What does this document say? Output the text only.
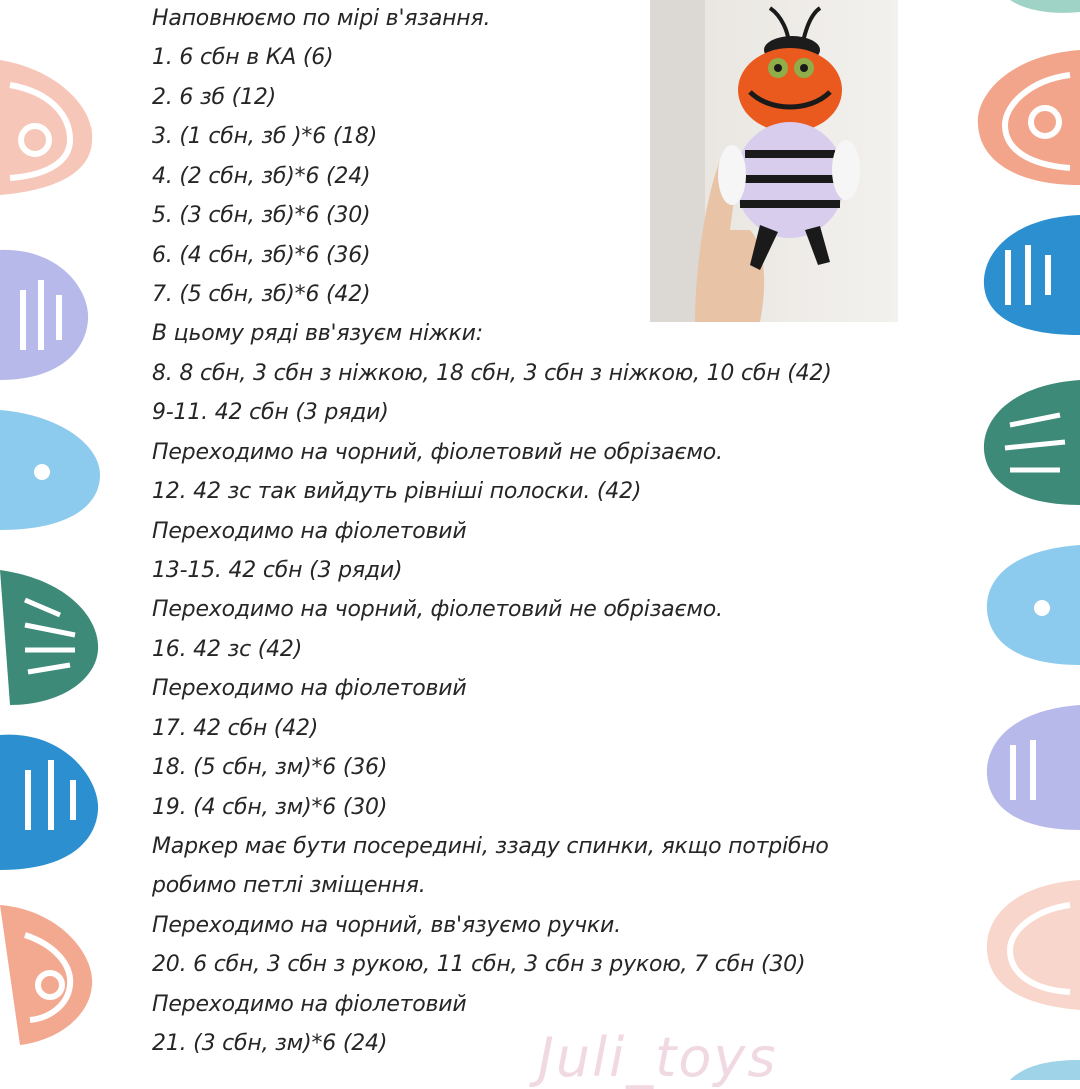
Наповнюємо по мірі в'язання.
1. 6 сбн в КА (6)
2. 6 зб (12)
3. (1 сбн, зб )*6 (18)
4. (2 сбн, зб)*6 (24)
5. (3 сбн, зб)*6 (30)
6. (4 сбн, зб)*6 (36)
7. (5 сбн, зб)*6 (42)
В цьому ряді вв'язуєм ніжки:
8. 8 сбн, 3 сбн з ніжкою, 18 сбн, 3 сбн з ніжкою, 10 сбн (42)
9-11. 42 сбн (3 ряди)
Переходимо на чорний, фіолетовий не обрізаємо.
12. 42 зс так вийдуть рівніші полоски. (42)
Переходимо на фіолетовий
13-15. 42 сбн (3 ряди)
Переходимо на чорний, фіолетовий не обрізаємо.
16. 42 зс (42)
Переходимо на фіолетовий
17. 42 сбн (42)
18. (5 сбн, зм)*6 (36)
19. (4 сбн, зм)*6 (30)
Маркер має бути посередині, ззаду спинки, якщо потрібно
робимо петлі зміщення.
Переходимо на чорний, вв'язуємо ручки.
20. 6 сбн, 3 сбн з рукою, 11 сбн, 3 сбн з рукою, 7 сбн (30)
Переходимо на фіолетовий
21. (3 сбн, зм)*6 (24)	Juli_toys
